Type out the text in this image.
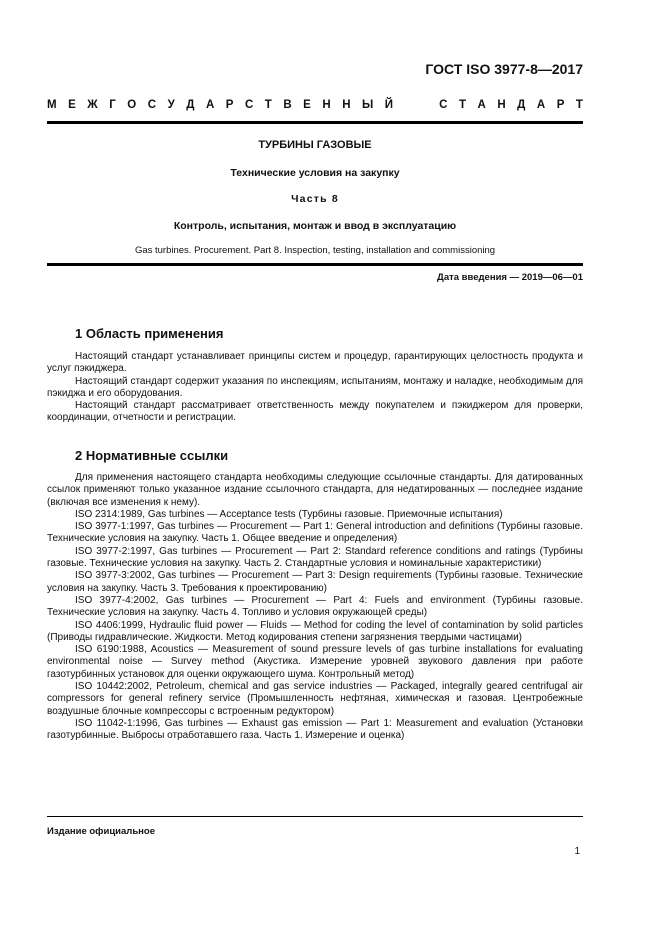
ГОСТ ISO 3977-8—2017
М Е Ж Г О С У Д А Р С Т В Е Н Н Ы Й	С Т А Н Д А Р Т
ТУРБИНЫ ГАЗОВЫЕ
Технические условия на закупку
Часть 8
Контроль, испытания, монтаж и ввод в эксплуатацию
Gas turbines. Procurement. Part 8. Inspection, testing, installation and commissioning
Дата введения — 2019—06—01
1 Область применения

Настоящий стандарт устанавливает принципы систем и процедур, гарантирующих целостность продукта и услуг пэкиджера.

Настоящий стандарт содержит указания по инспекциям, испытаниям, монтажу и наладке, необходимым для пэкиджа и его оборудования.

Настоящий стандарт рассматривает ответственность между покупателем и пэкиджером для проверки, координации, отчетности и регистрации.

2 Нормативные ссылки

Для применения настоящего стандарта необходимы следующие ссылочные стандарты. Для датированных ссылок применяют только указанное издание ссылочного стандарта, для недатированных — последнее издание (включая все изменения к нему).

ISO 2314:1989, Gas turbines — Acceptance tests (Турбины газовые. Приемочные испытания)

ISO 3977-1:1997, Gas turbines — Procurement — Part 1: General introduction and definitions (Турбины газовые. Технические условия на закупку. Часть 1. Общее введение и определения)

ISO 3977-2:1997, Gas turbines — Procurement — Part 2: Standard reference conditions and ratings (Турбины газовые. Технические условия на закупку. Часть 2. Стандартные условия и номинальные характеристики)

ISO 3977-3:2002, Gas turbines — Procurement — Part 3: Design requirements (Турбины газовые. Технические условия на закупку. Часть 3. Требования к проектированию)

ISO 3977-4:2002, Gas turbines — Procurement — Part 4: Fuels and environment (Турбины газовые. Технические условия на закупку. Часть 4. Топливо и условия окружающей среды)

ISO 4406:1999, Hydraulic fluid power — Fluids — Method for coding the level of contamination by solid particles (Приводы гидравлические. Жидкости. Метод кодирования степени загрязнения твердыми частицами)

ISO 6190:1988, Acoustics — Measurement of sound pressure levels of gas turbine installations for evaluating environmental noise — Survey method (Акустика. Измерение уровней звукового давления при работе газотурбинных установок для оценки окружающего шума. Контрольный метод)

ISO 10442:2002, Petroleum, chemical and gas service industries — Packaged, integrally geared centrifugal air compressors for general refinery service (Промышленность нефтяная, химическая и газовая. Центробежные воздушные блочные компрессоры с встроенным редуктором)

ISO 11042-1:1996, Gas turbines — Exhaust gas emission — Part 1: Measurement and evaluation (Установки газотурбинные. Выбросы отработавшего газа. Часть 1. Измерение и оценка)

Издание официальное
1
